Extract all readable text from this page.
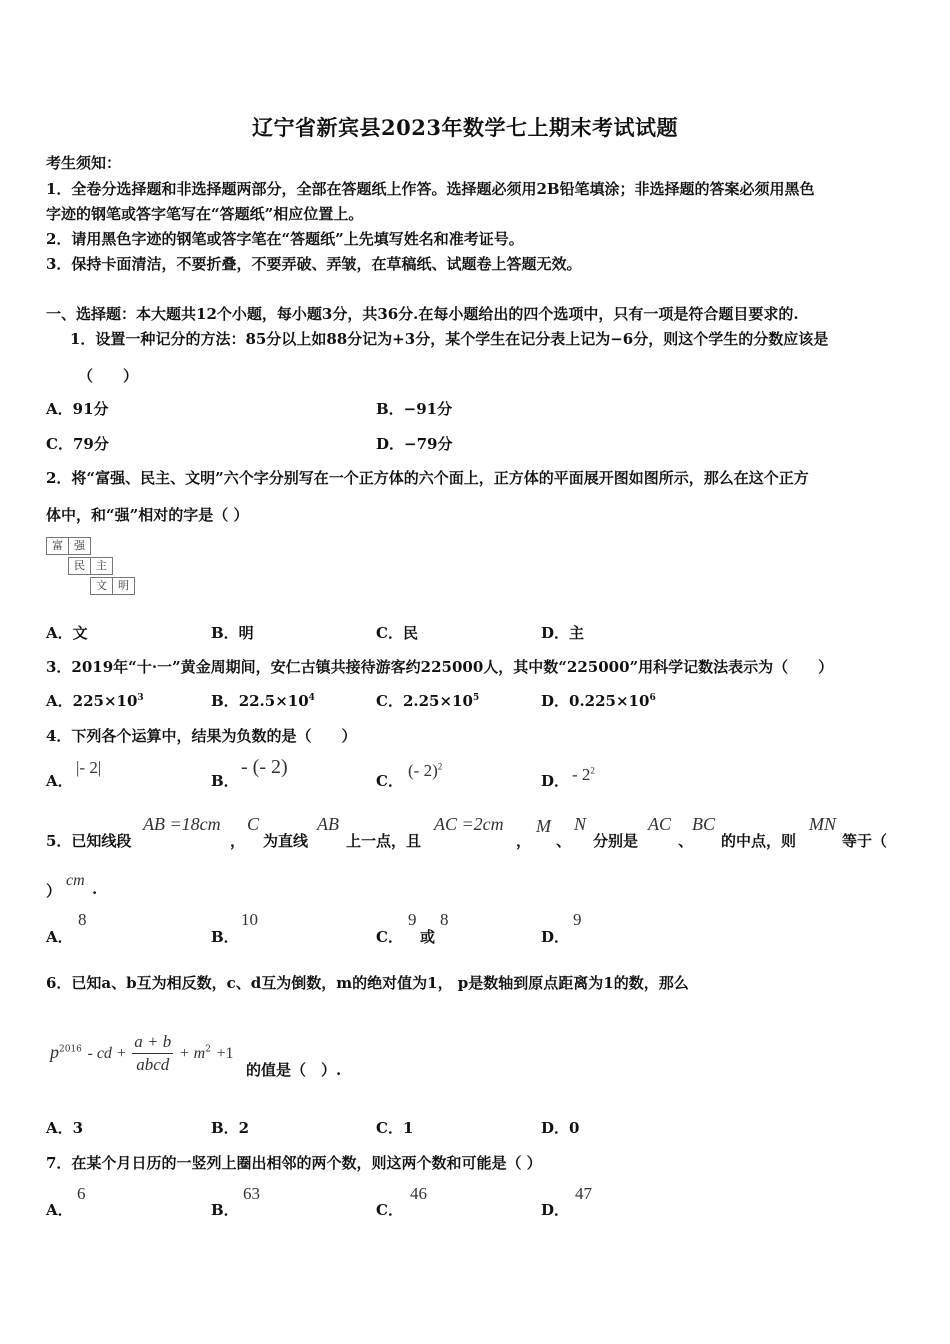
辽宁省新宾县2023年数学七上期末考试试题
考生须知：
1．全卷分选择题和非选择题两部分，全部在答题纸上作答。选择题必须用2B铅笔填涂；非选择题的答案必须用黑色
字迹的钢笔或答字笔写在“答题纸”相应位置上。
2．请用黑色字迹的钢笔或答字笔在“答题纸”上先填写姓名和准考证号。
3．保持卡面清洁，不要折叠，不要弄破、弄皱，在草稿纸、试题卷上答题无效。
一、选择题：本大题共12个小题，每小题3分，共36分.在每小题给出的四个选项中，只有一项是符合题目要求的.
1．设置一种记分的方法：85分以上如88分记为+3分，某个学生在记分表上记为−6分，则这个学生的分数应该是
（　　）
A．91分	B．−91分
C．79分	D．−79分
2．将“富强、民主、文明”六个字分别写在一个正方体的六个面上，正方体的平面展开图如图所示，那么在这个正方
体中，和“强”相对的字是（ ）
富	强
民	主
文	明
A．文	B．明	C．民	D．主
3．2019年“十·一”黄金周期间，安仁古镇共接待游客约225000人，其中数“225000”用科学记数法表示为（　　）
A．$225\times 10^3$	B．$22.5\times 10^4$	C．$2.25\times 10^5$	D．$0.225\times 10^6$
4．下列各个运算中，结果为负数的是（　　）
A．
|- 2|
B．
- (- 2)
C．
(- 2)$^2$
D． - $2^2$
5．已知线段
AB =18cm
，
C
为直线
AB
上一点，且
AC =2cm
，
M
、
N
分别是
AC
、
BC
的中点，则
MN
等于（
）
cm .
A．
8
B．
10
C．
9
或
8
D．
9
6．已知a、b互为相反数，c、d互为倒数，m的绝对值为1， p是数轴到原点距离为1的数，那么
$p^{2016}$ - cd + $\frac{a + b}{\text{abcd}} + m^2 +1$
的值是（　）.
A．3	B．2	C．1	D．0
7．在某个月日历的一竖列上圈出相邻的两个数，则这两个数和可能是（ ）
A．
6
B．
63
C．
46
D．
47
